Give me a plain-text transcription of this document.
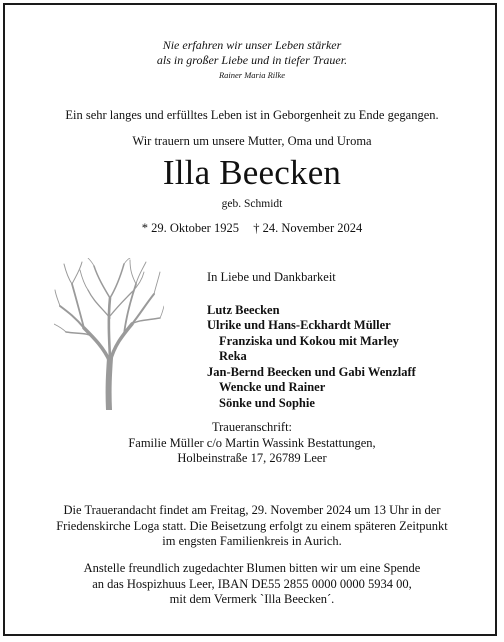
Nie erfahren wir unser Leben stärker
als in großer Liebe und in tiefer Trauer.
Rainer Maria Rilke
Ein sehr langes und erfülltes Leben ist in Geborgenheit zu Ende gegangen.
Wir trauern um unsere Mutter, Oma und Uroma
Illa Beecken
geb. Schmidt
* 29. Oktober 1925 † 24. November 2024
In Liebe und Dankbarkeit
Lutz Beecken
Ulrike und Hans-Eckhardt Müller
Franziska und Kokou mit Marley
Reka
Jan-Bernd Beecken und Gabi Wenzlaff
Wencke und Rainer
Sönke und Sophie
Traueranschrift:
Familie Müller c/o Martin Wassink Bestattungen,
Holbeinstraße 17, 26789 Leer
Die Trauerandacht findet am Freitag, 29. November 2024 um 13 Uhr in der
Friedenskirche Loga statt. Die Beisetzung erfolgt zu einem späteren Zeitpunkt
im engsten Familienkreis in Aurich.
Anstelle freundlich zugedachter Blumen bitten wir um eine Spende
an das Hospizhuus Leer, IBAN DE55 2855 0000 0000 5934 00,
mit dem Vermerk `Illa Beecken´.
